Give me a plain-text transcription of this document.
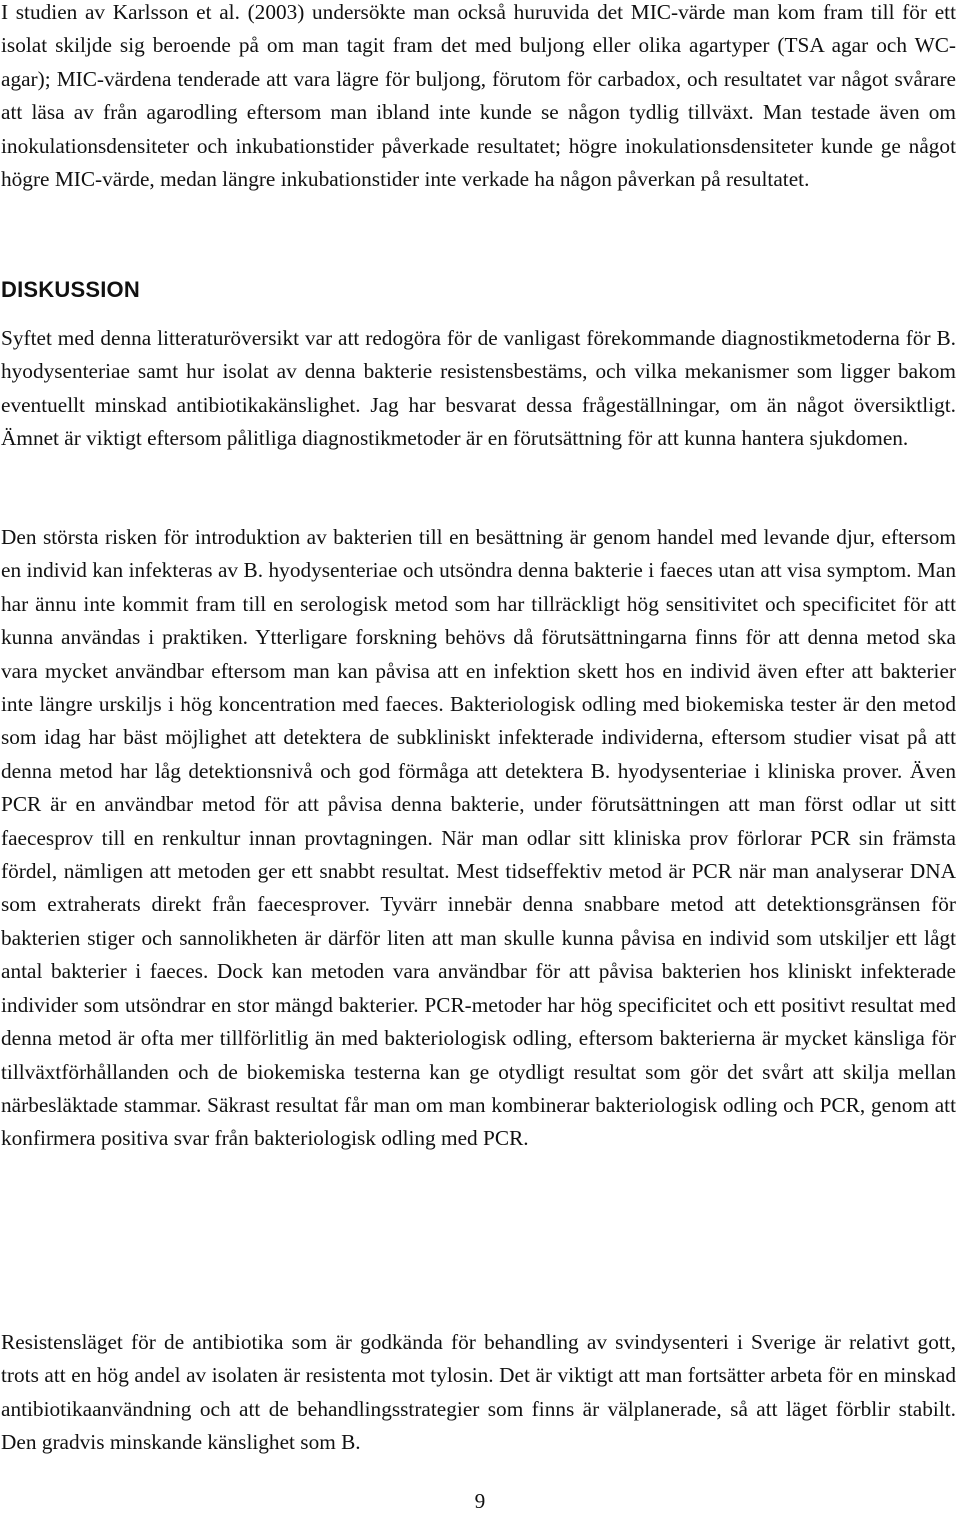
I studien av Karlsson et al. (2003) undersökte man också huruvida det MIC-värde man kom fram till för ett isolat skiljde sig beroende på om man tagit fram det med buljong eller olika agartyper (TSA agar och WC-agar); MIC-värdena tenderade att vara lägre för buljong, förutom för carbadox, och resultatet var något svårare att läsa av från agarodling eftersom man ibland inte kunde se någon tydlig tillväxt. Man testade även om inokulationsdensiteter och inkubationstider påverkade resultatet; högre inokulationsdensiteter kunde ge något högre MIC-värde, medan längre inkubationstider inte verkade ha någon påverkan på resultatet.

DISKUSSION

Syftet med denna litteraturöversikt var att redogöra för de vanligast förekommande diagnostikmetoderna för B. hyodysenteriae samt hur isolat av denna bakterie resistensbestäms, och vilka mekanismer som ligger bakom eventuellt minskad antibiotikakänslighet. Jag har besvarat dessa frågeställningar, om än något översiktligt. Ämnet är viktigt eftersom pålitliga diagnostikmetoder är en förutsättning för att kunna hantera sjukdomen.

Den största risken för introduktion av bakterien till en besättning är genom handel med levande djur, eftersom en individ kan infekteras av B. hyodysenteriae och utsöndra denna bakterie i faeces utan att visa symptom. Man har ännu inte kommit fram till en serologisk metod som har tillräckligt hög sensitivitet och specificitet för att kunna användas i praktiken. Ytterligare forskning behövs då förutsättningarna finns för att denna metod ska vara mycket användbar eftersom man kan påvisa att en infektion skett hos en individ även efter att bakterier inte längre urskiljs i hög koncentration med faeces. Bakteriologisk odling med biokemiska tester är den metod som idag har bäst möjlighet att detektera de subkliniskt infekterade individerna, eftersom studier visat på att denna metod har låg detektionsnivå och god förmåga att detektera B. hyodysenteriae i kliniska prover. Även PCR är en användbar metod för att påvisa denna bakterie, under förutsättningen att man först odlar ut sitt faecesprov till en renkultur innan provtagningen. När man odlar sitt kliniska prov förlorar PCR sin främsta fördel, nämligen att metoden ger ett snabbt resultat. Mest tidseffektiv metod är PCR när man analyserar DNA som extraherats direkt från faecesprover. Tyvärr innebär denna snabbare metod att detektionsgränsen för bakterien stiger och sannolikheten är därför liten att man skulle kunna påvisa en individ som utskiljer ett lågt antal bakterier i faeces. Dock kan metoden vara användbar för att påvisa bakterien hos kliniskt infekterade individer som utsöndrar en stor mängd bakterier. PCR-metoder har hög specificitet och ett positivt resultat med denna metod är ofta mer tillförlitlig än med bakteriologisk odling, eftersom bakterierna är mycket känsliga för tillväxtförhållanden och de biokemiska testerna kan ge otydligt resultat som gör det svårt att skilja mellan närbesläktade stammar. Säkrast resultat får man om man kombinerar bakteriologisk odling och PCR, genom att konfirmera positiva svar från bakteriologisk odling med PCR.

Resistensläget för de antibiotika som är godkända för behandling av svindysenteri i Sverige är relativt gott, trots att en hög andel av isolaten är resistenta mot tylosin. Det är viktigt att man fortsätter arbeta för en minskad antibiotikaanvändning och att de behandlingsstrategier som finns är välplanerade, så att läget förblir stabilt. Den gradvis minskande känslighet som B.

9
